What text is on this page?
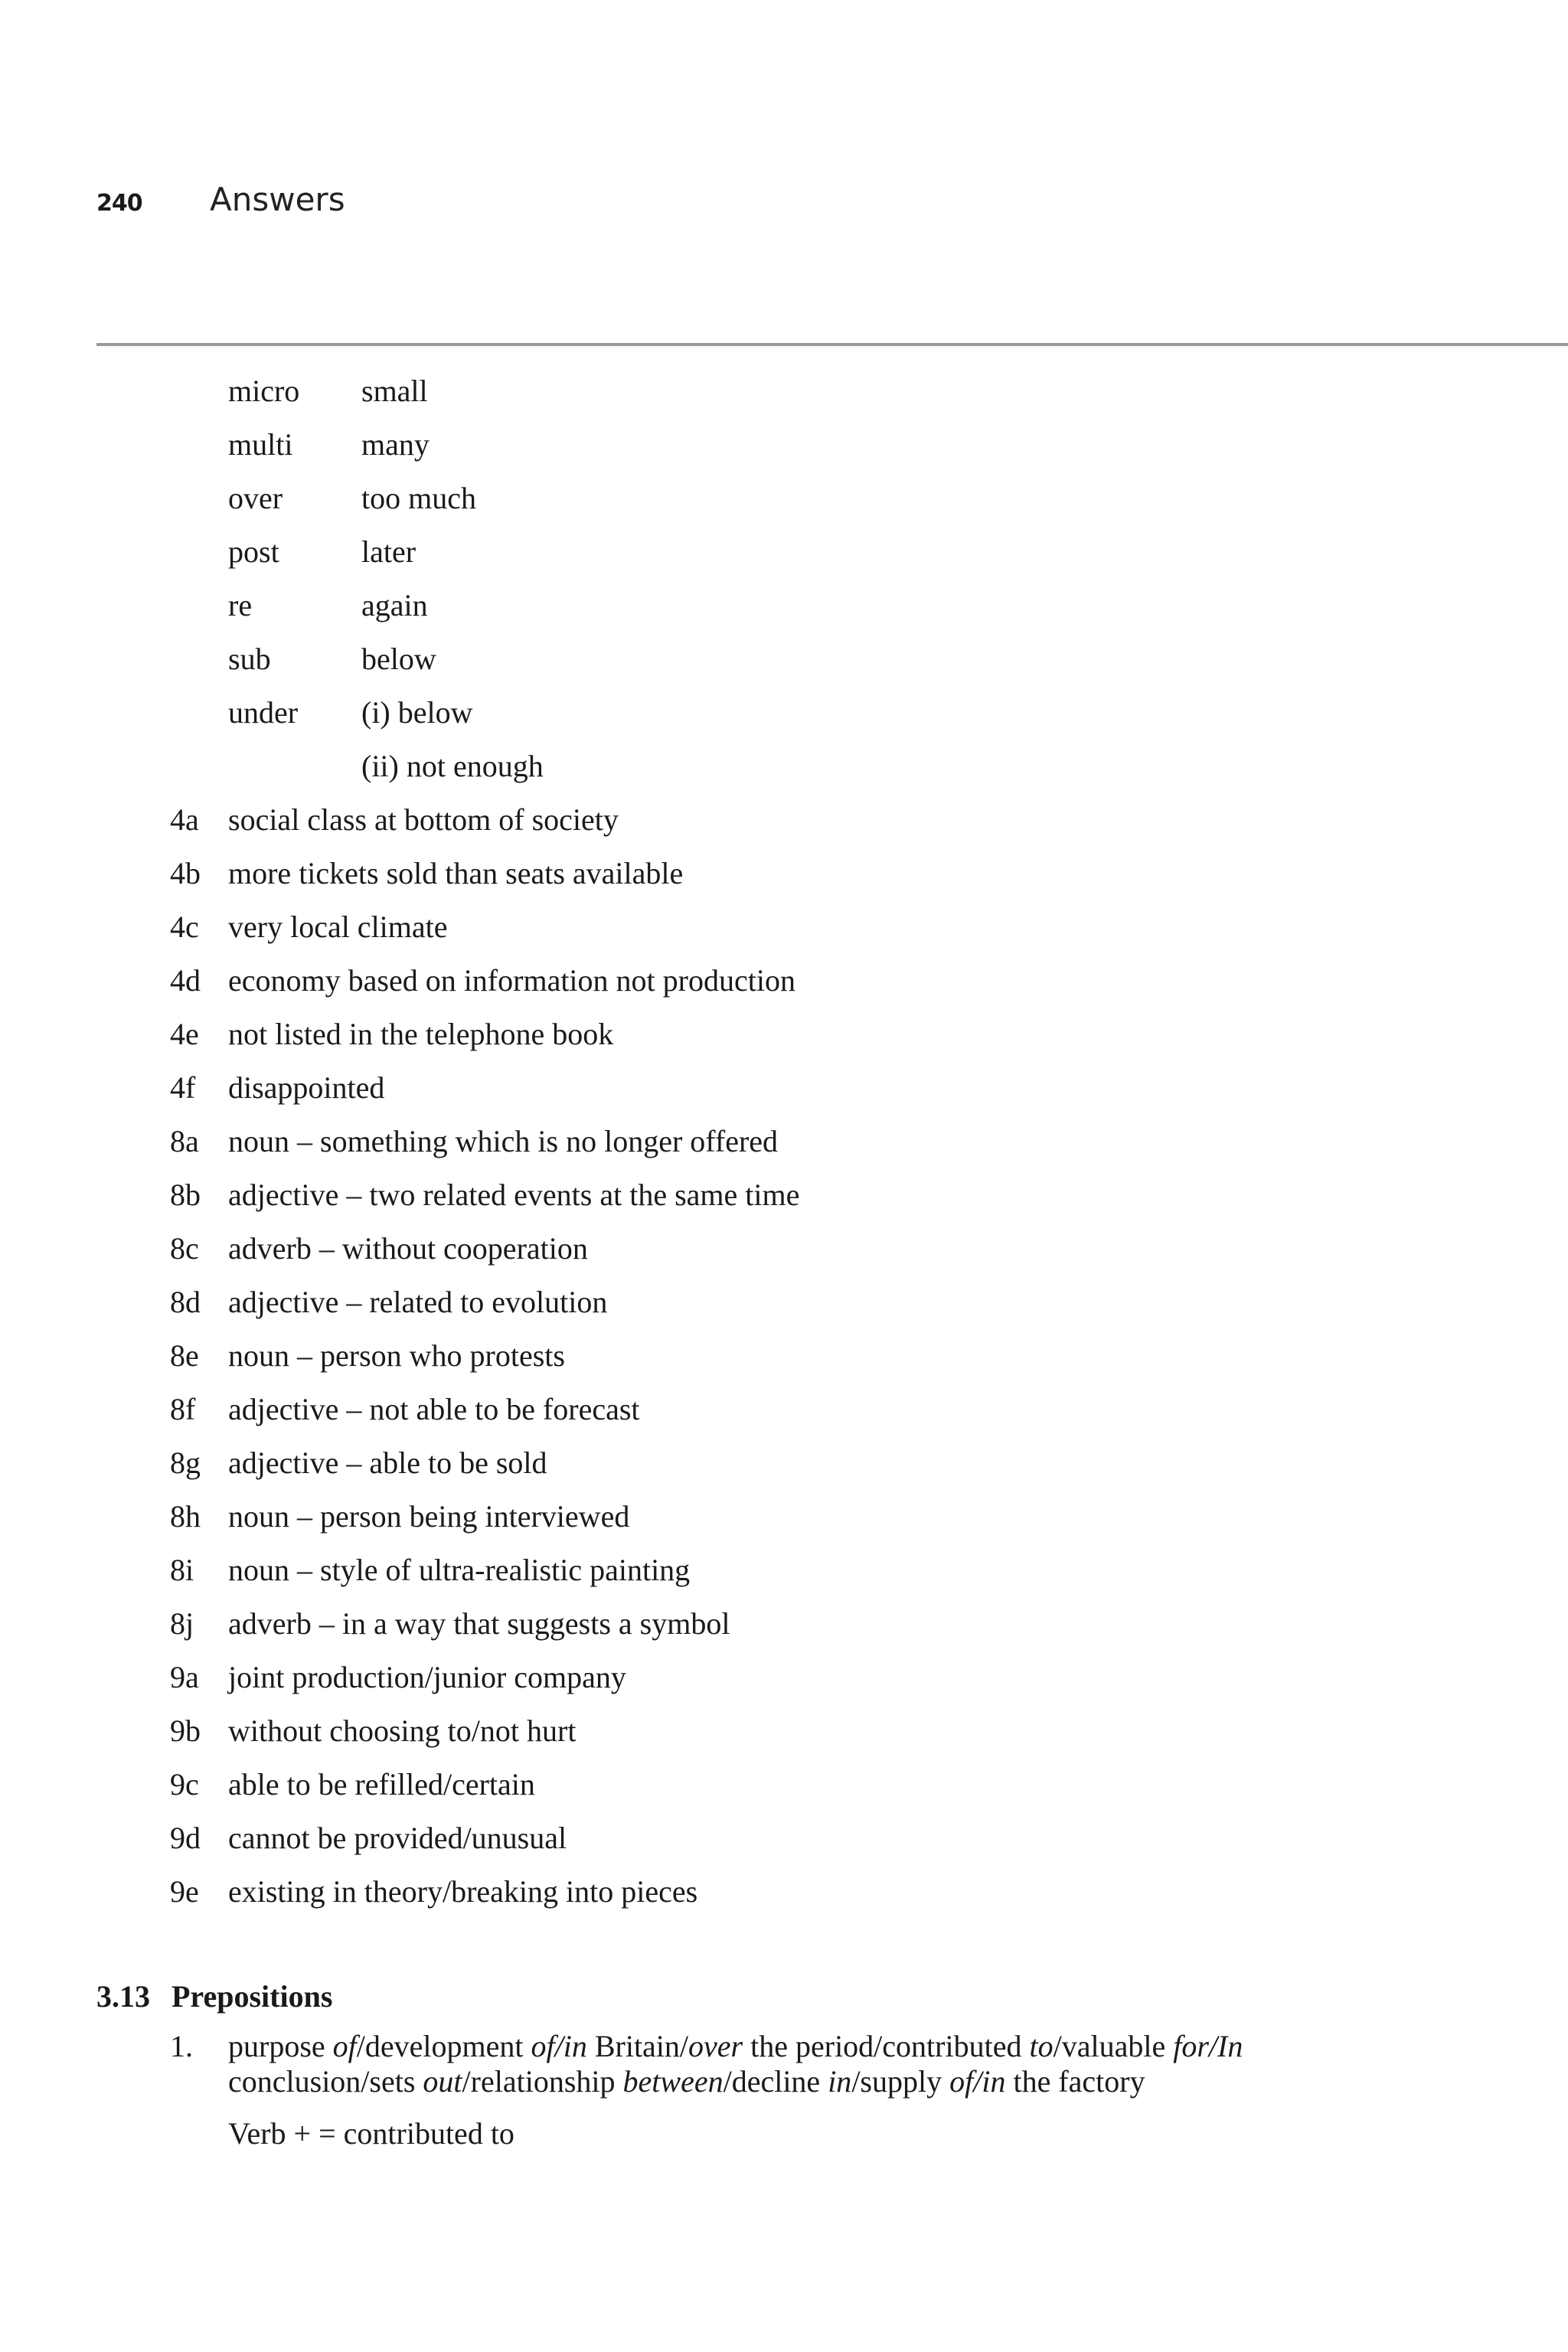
240	Answers
micro	small
multi	many
over	too much
post	later
re	again
sub	below
under	(i) below
(ii) not enough
4a social class at bottom of society
4b more tickets sold than seats available
4c very local climate
4d economy based on information not production
4e not listed in the telephone book
4f	disappointed
8a noun – something which is no longer offered
8b adjective – two related events at the same time
8c adverb – without cooperation
8d adjective – related to evolution
8e noun – person who protests
8f	adjective – not able to be forecast
8g adjective – able to be sold
8h noun – person being interviewed
8i	noun – style of ultra-realistic painting
8j	adverb – in a way that suggests a symbol
9a joint production/junior company
9b without choosing to/not hurt
9c able to be refilled/certain
9d cannot be provided/unusual
9e existing in theory/breaking into pieces
3.13 Prepositions
1.	purpose of/development of/in Britain/over the period/contributed to/valuable for/In conclusion/sets out/relationship between/decline in/supply of/in the factory
Verb + = contributed to
